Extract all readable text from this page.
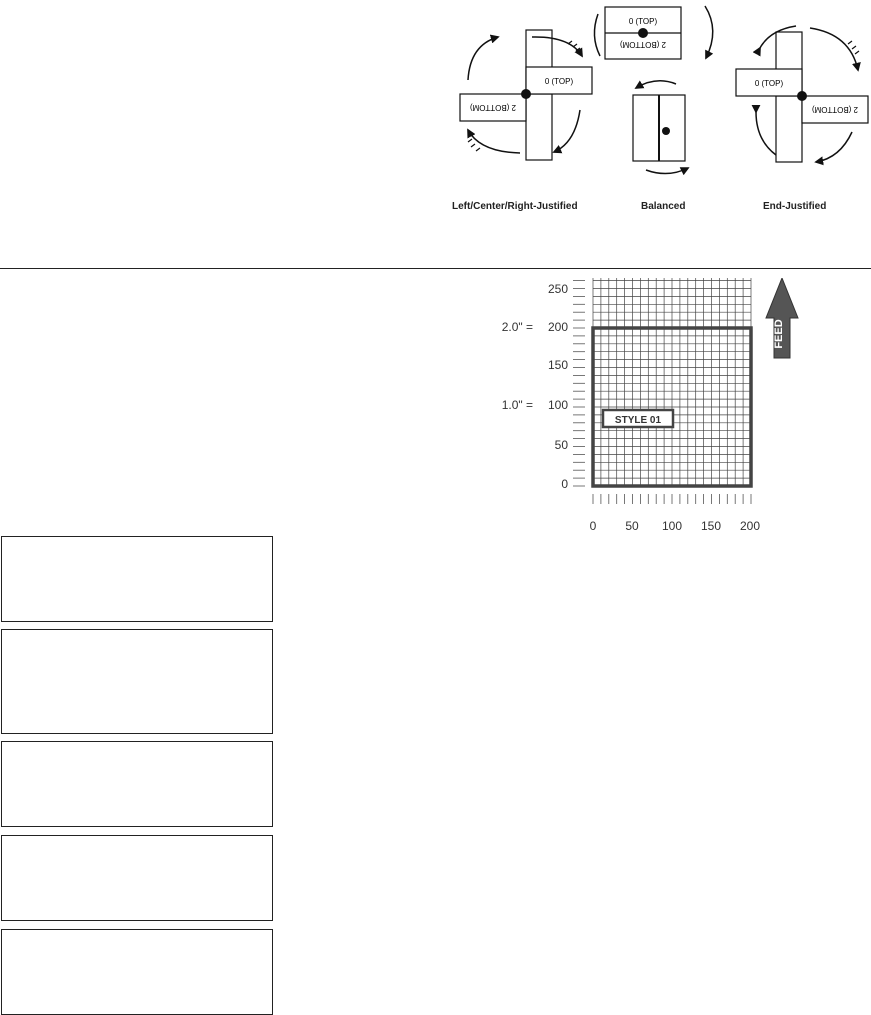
0 (TOP)
2 (BOTTOM)
0 (TOP)
2 (BOTTOM)
0 (TOP)
2 (BOTTOM)
Left/Center/Right-Justified	Balanced	End-Justified
250
200
150
100
50
0
2.0" =
1.0" =
STYLE 01
0 50 100 150 200
FEED
